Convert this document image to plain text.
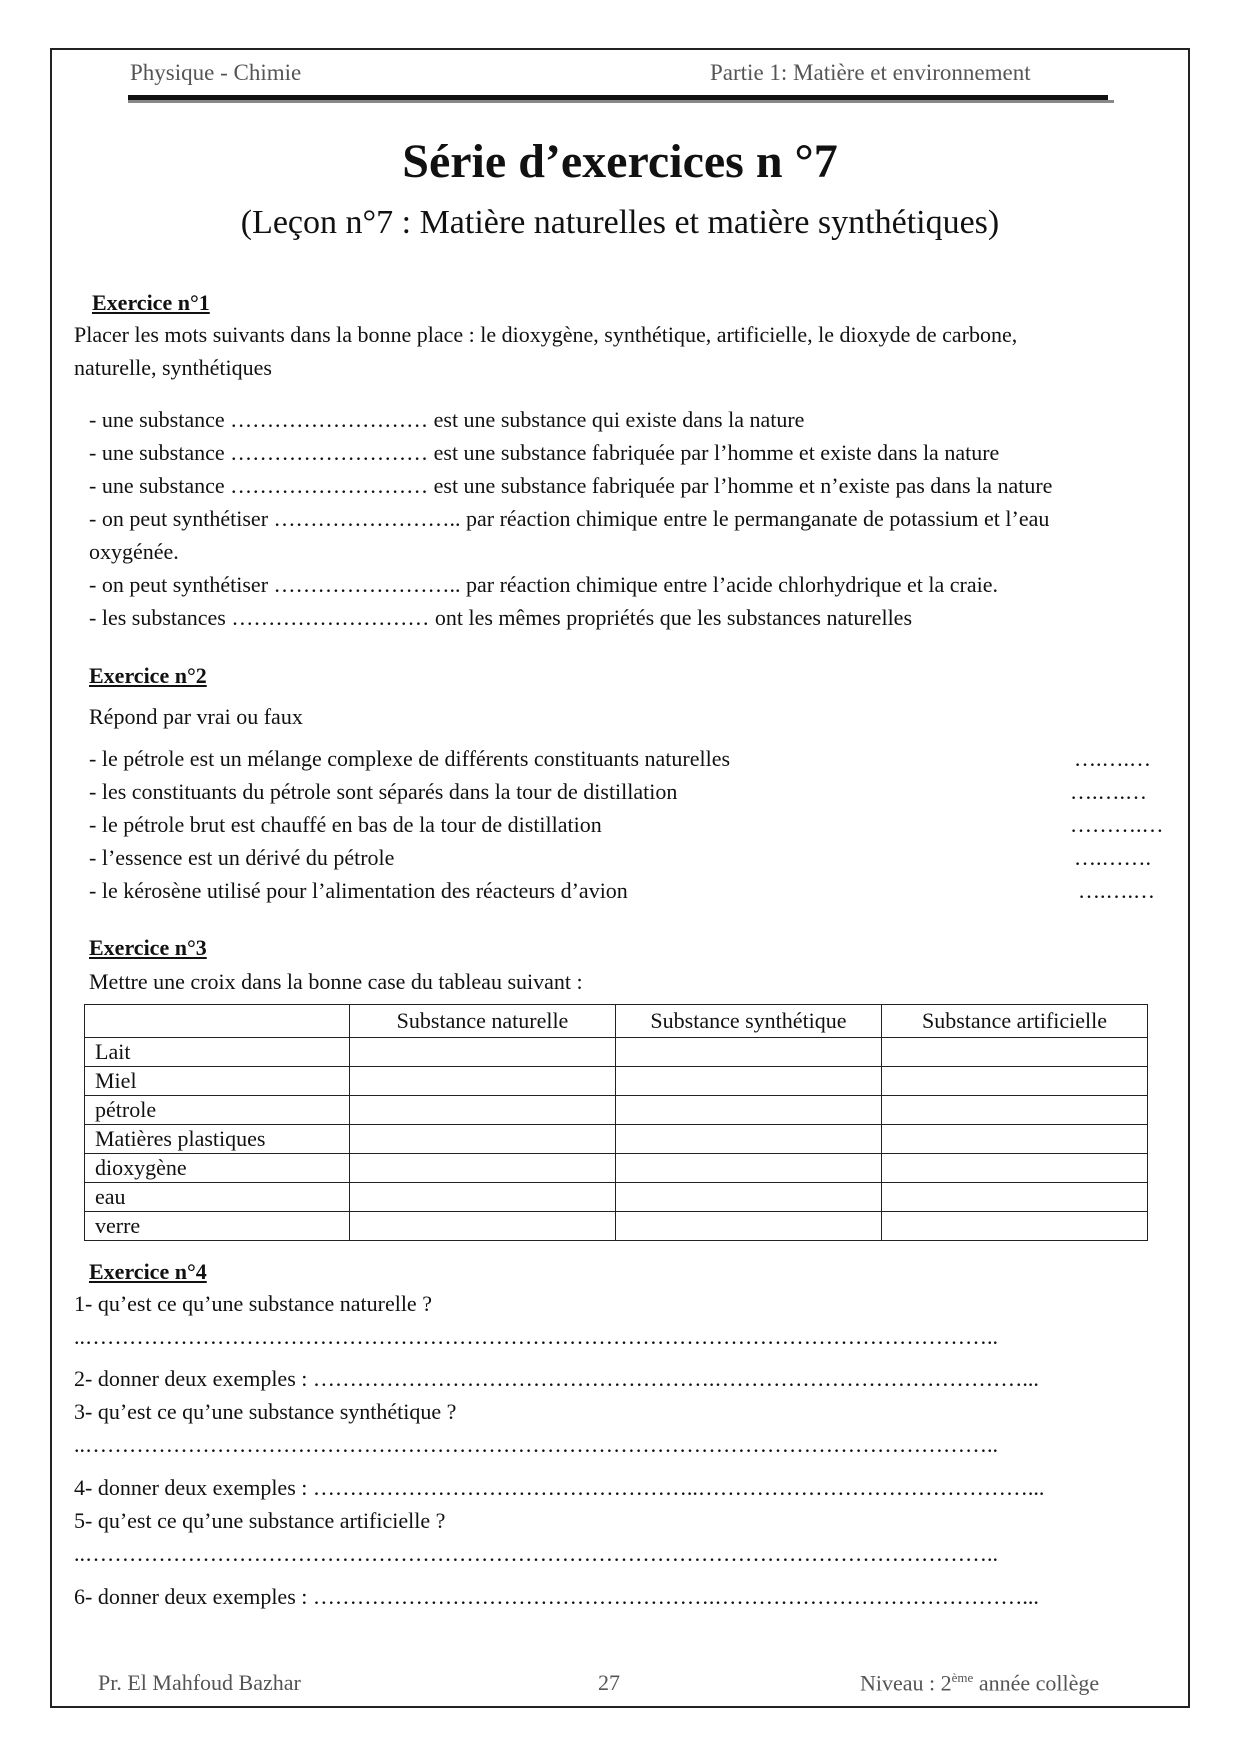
Physique - Chimie	Partie 1: Matière et environnement
Série d’exercices n °7
(Leçon n°7 : Matière naturelles et matière synthétiques)
Exercice n°1
Placer les mots suivants dans la bonne place : le dioxygène, synthétique, artificielle, le dioxyde de carbone,
naturelle, synthétiques
- une substance ……………………… est une substance qui existe dans la nature
- une substance ……………………… est une substance fabriquée par l’homme et existe dans la nature
- une substance ……………………… est une substance fabriquée par l’homme et n’existe pas dans la nature
- on peut synthétiser …………………….. par réaction chimique entre le permanganate de potassium et l’eau
oxygénée.
- on peut synthétiser …………………….. par réaction chimique entre l’acide chlorhydrique et la craie.
- les substances ……………………… ont les mêmes propriétés que les substances naturelles
Exercice n°2
Répond par vrai ou faux
- le pétrole est un mélange complexe de différents constituants naturelles	….….…
- les constituants du pétrole sont séparés dans la tour de distillation	….….…
- le pétrole brut est chauffé en bas de la tour de distillation	……….…
- l’essence est un dérivé du pétrole	….…….
- le kérosène utilisé pour l’alimentation des réacteurs d’avion	….….…
Exercice n°3
Mettre une croix dans la bonne case du tableau suivant :
	Substance naturelle	Substance synthétique	Substance artificielle
Lait			
Miel			
pétrole			
Matières plastiques			
dioxygène			
eau			
verre			
Exercice n°4
1- qu’est ce qu’une substance naturelle ?
..……………………………………………………………………………………………………………..
2- donner deux exemples : ……………………………………………….……………………………………...
3- qu’est ce qu’une substance synthétique ?
..……………………………………………………………………………………………………………..
4- donner deux exemples : ……………………………………………..………………………………………...
5- qu’est ce qu’une substance artificielle ?
..……………………………………………………………………………………………………………..
6- donner deux exemples : ……………………………………………….……………………………………...
Pr. El Mahfoud Bazhar	27	Niveau : 2ème année collège
